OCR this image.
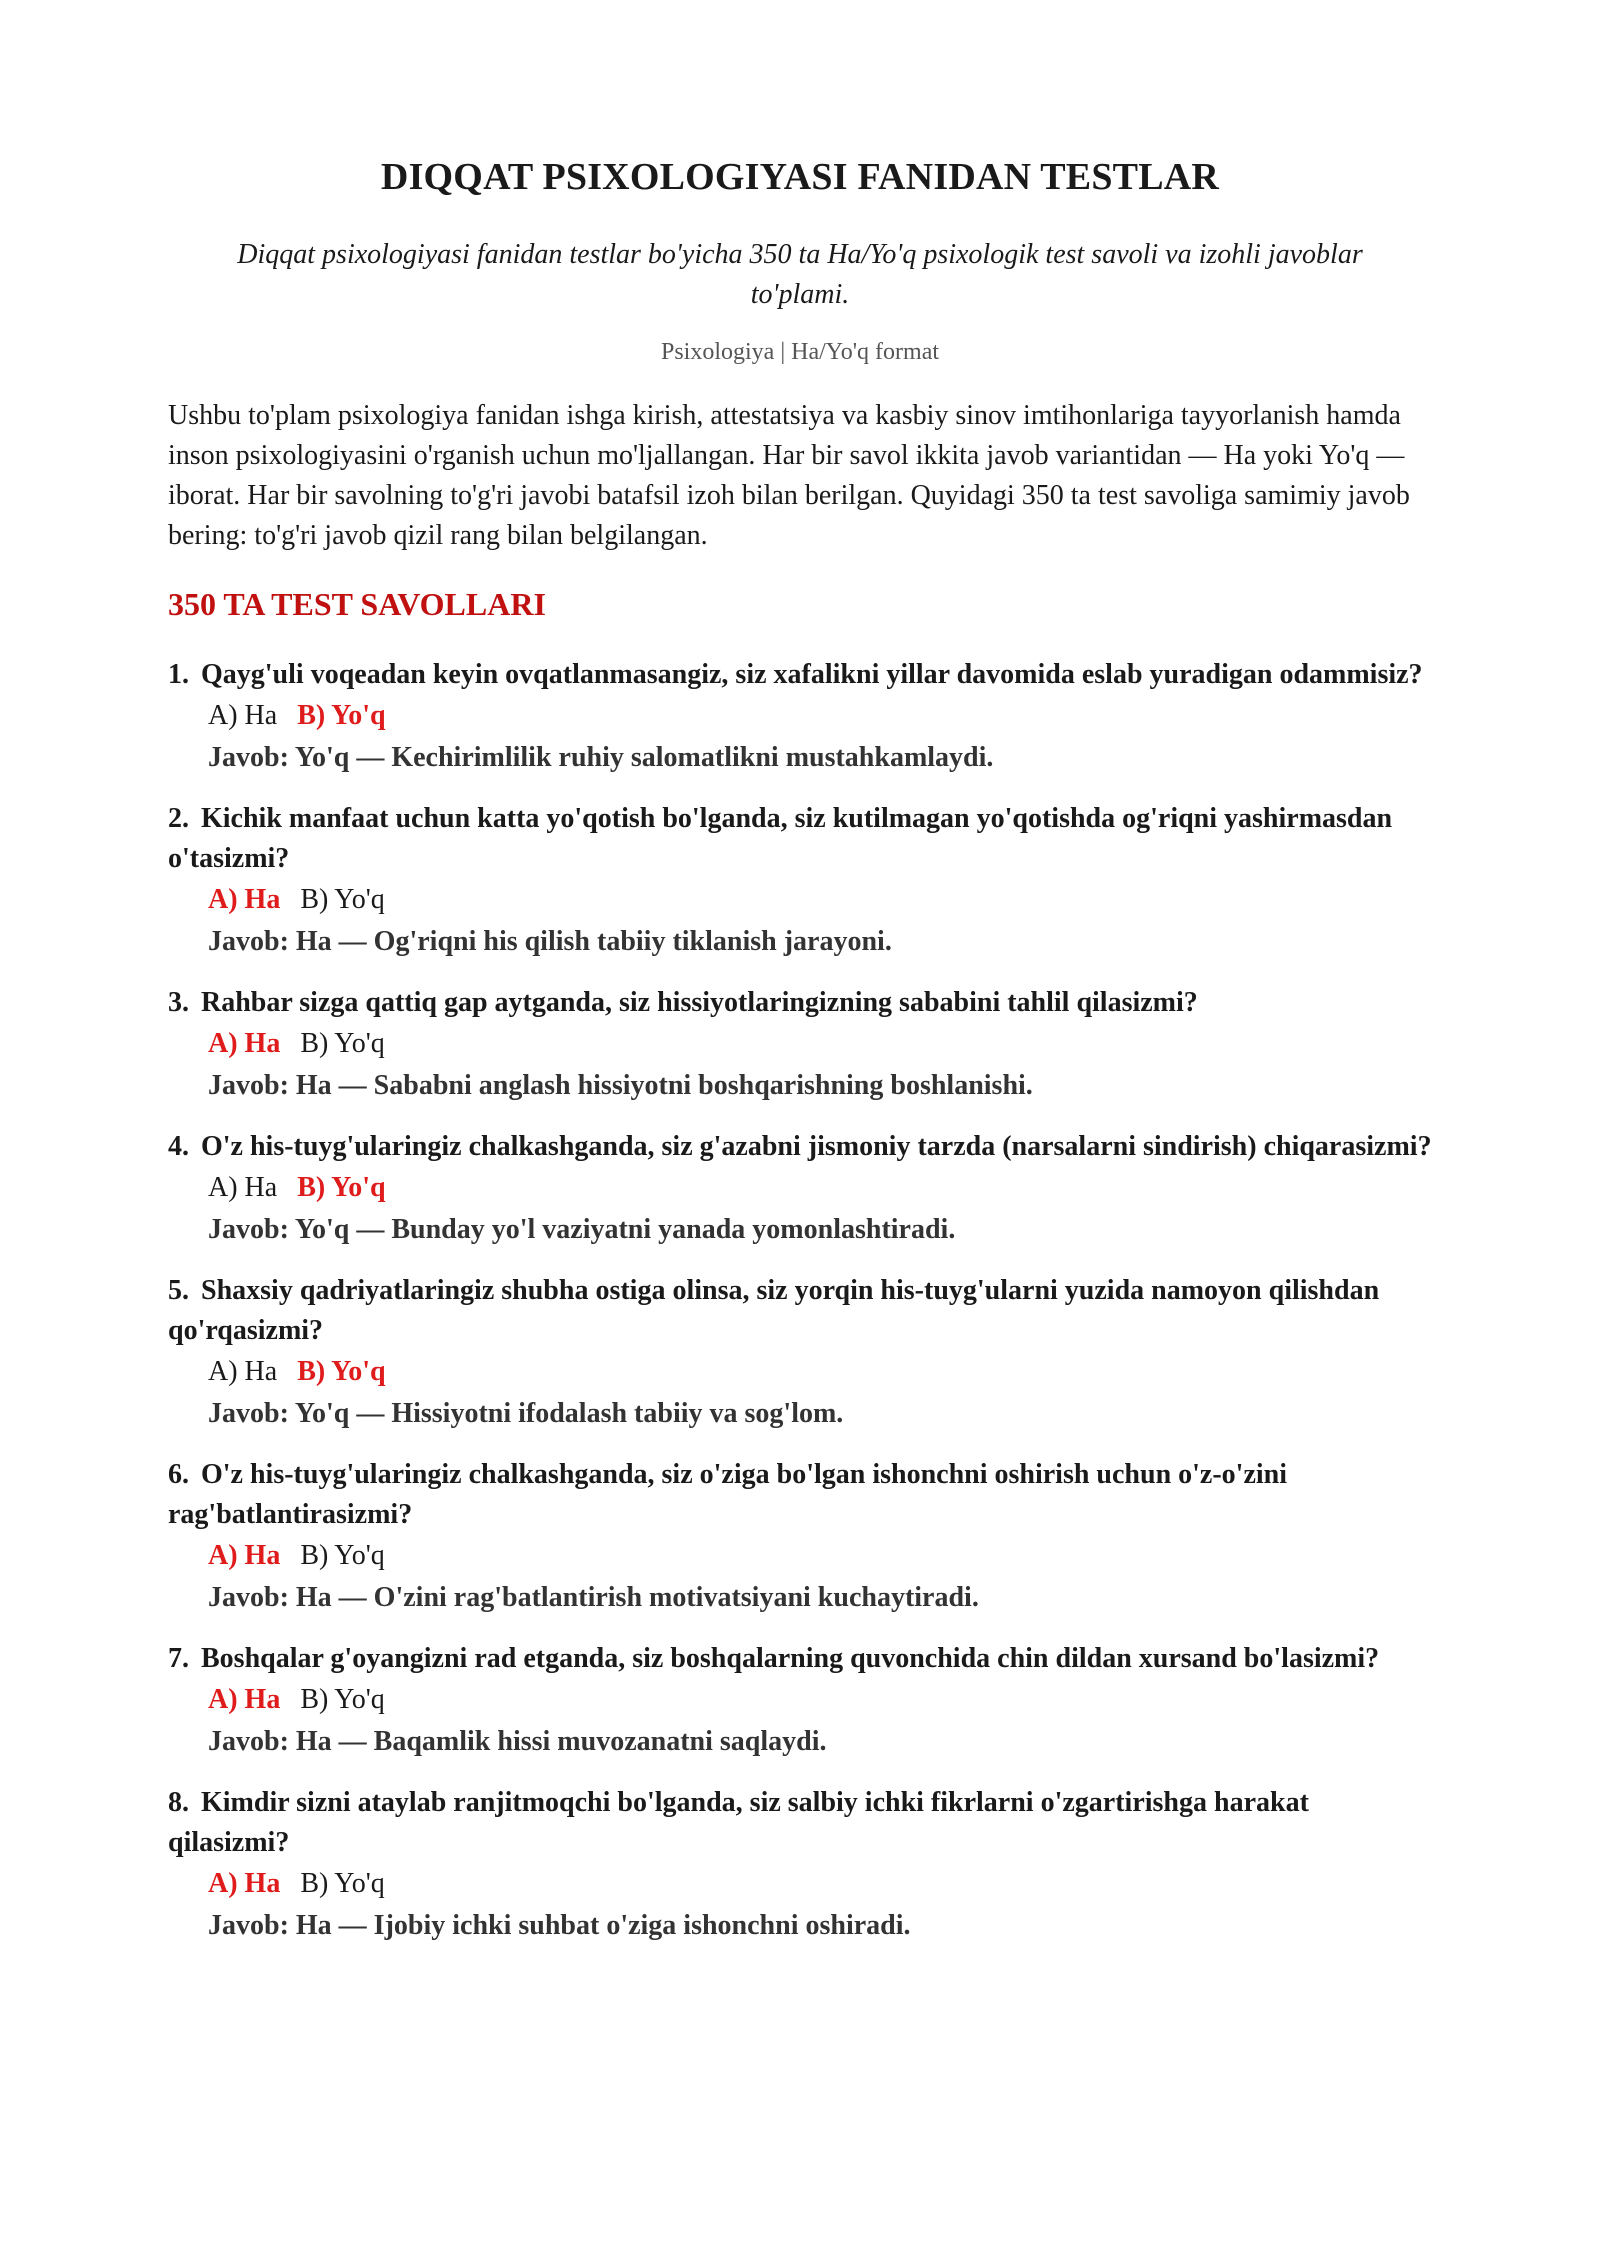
DIQQAT PSIXOLOGIYASI FANIDAN TESTLAR

Diqqat psixologiyasi fanidan testlar bo'yicha 350 ta Ha/Yo'q psixologik test savoli va izohli javoblar to'plami.

Psixologiya | Ha/Yo'q format

Ushbu to'plam psixologiya fanidan ishga kirish, attestatsiya va kasbiy sinov imtihonlariga tayyorlanish hamda inson psixologiyasini o'rganish uchun mo'ljallangan. Har bir savol ikkita javob variantidan — Ha yoki Yo'q — iborat. Har bir savolning to'g'ri javobi batafsil izoh bilan berilgan. Quyidagi 350 ta test savoliga samimiy javob bering: to'g'ri javob qizil rang bilan belgilangan.

350 TA TEST SAVOLLARI

1. Qayg'uli voqeadan keyin ovqatlanmasangiz, siz xafalikni yillar davomida eslab yuradigan odammisiz?

A) Ha B) Yo'q
Javob: Yo'q — Kechirimlilik ruhiy salomatlikni mustahkamlaydi.

2. Kichik manfaat uchun katta yo'qotish bo'lganda, siz kutilmagan yo'qotishda og'riqni yashirmasdan o'tasizmi?

A) Ha B) Yo'q
Javob: Ha — Og'riqni his qilish tabiiy tiklanish jarayoni.

3. Rahbar sizga qattiq gap aytganda, siz hissiyotlaringizning sababini tahlil qilasizmi?

A) Ha B) Yo'q
Javob: Ha — Sababni anglash hissiyotni boshqarishning boshlanishi.

4. O'z his-tuyg'ularingiz chalkashganda, siz g'azabni jismoniy tarzda (narsalarni sindirish) chiqarasizmi?

A) Ha B) Yo'q
Javob: Yo'q — Bunday yo'l vaziyatni yanada yomonlashtiradi.

5. Shaxsiy qadriyatlaringiz shubha ostiga olinsa, siz yorqin his-tuyg'ularni yuzida namoyon qilishdan qo'rqasizmi?

A) Ha B) Yo'q
Javob: Yo'q — Hissiyotni ifodalash tabiiy va sog'lom.

6. O'z his-tuyg'ularingiz chalkashganda, siz o'ziga bo'lgan ishonchni oshirish uchun o'z-o'zini rag'batlantirasizmi?

A) Ha B) Yo'q
Javob: Ha — O'zini rag'batlantirish motivatsiyani kuchaytiradi.

7. Boshqalar g'oyangizni rad etganda, siz boshqalarning quvonchida chin dildan xursand bo'lasizmi?

A) Ha B) Yo'q
Javob: Ha — Baqamlik hissi muvozanatni saqlaydi.

8. Kimdir sizni ataylab ranjitmoqchi bo'lganda, siz salbiy ichki fikrlarni o'zgartirishga harakat qilasizmi?

A) Ha B) Yo'q
Javob: Ha — Ijobiy ichki suhbat o'ziga ishonchni oshiradi.
